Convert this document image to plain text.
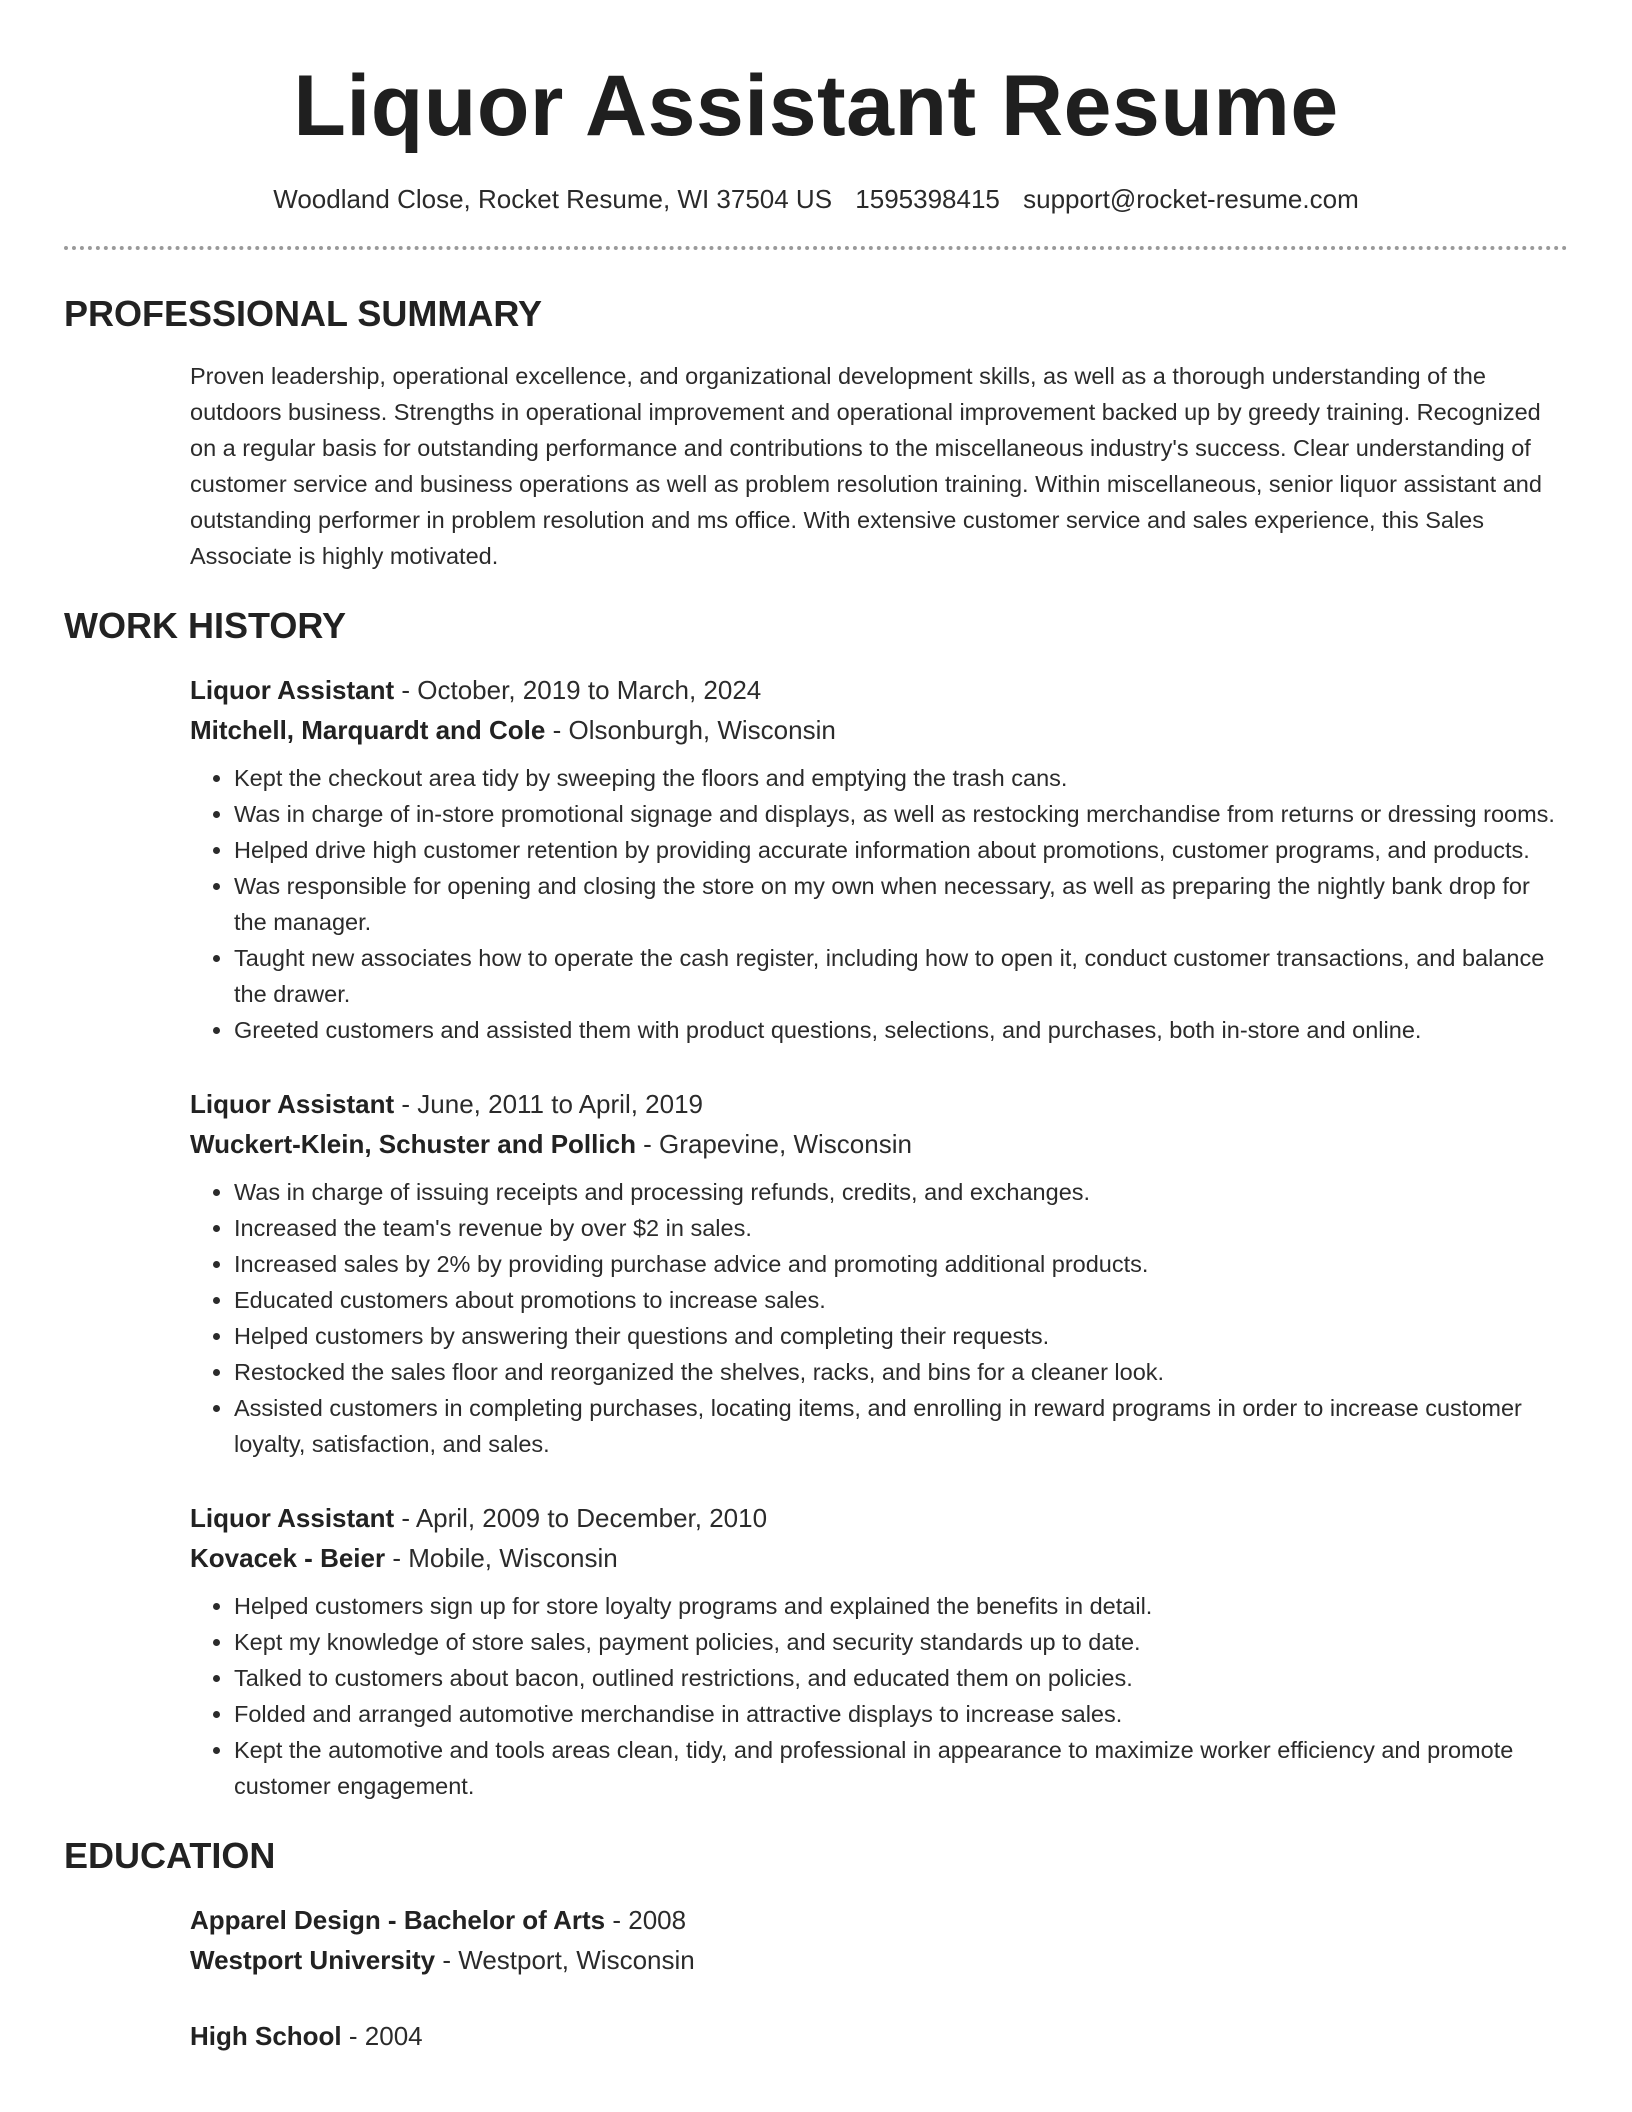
Liquor Assistant Resume
Woodland Close, Rocket Resume, WI 37504 US 1595398415 support@rocket-resume.com
PROFESSIONAL SUMMARY

Proven leadership, operational excellence, and organizational development skills, as well as a thorough understanding of the outdoors business. Strengths in operational improvement and operational improvement backed up by greedy training. Recognized on a regular basis for outstanding performance and contributions to the miscellaneous industry's success. Clear understanding of customer service and business operations as well as problem resolution training. Within miscellaneous, senior liquor assistant and outstanding performer in problem resolution and ms office. With extensive customer service and sales experience, this Sales Associate is highly motivated.

WORK HISTORY
Liquor Assistant - October, 2019 to March, 2024
Mitchell, Marquardt and Cole - Olsonburgh, Wisconsin
• Kept the checkout area tidy by sweeping the floors and emptying the trash cans.
• Was in charge of in-store promotional signage and displays, as well as restocking merchandise from returns or dressing rooms.
• Helped drive high customer retention by providing accurate information about promotions, customer programs, and products.
• Was responsible for opening and closing the store on my own when necessary, as well as preparing the nightly bank drop for the manager.
• Taught new associates how to operate the cash register, including how to open it, conduct customer transactions, and balance the drawer.
• Greeted customers and assisted them with product questions, selections, and purchases, both in-store and online.
Liquor Assistant - June, 2011 to April, 2019
Wuckert-Klein, Schuster and Pollich - Grapevine, Wisconsin
• Was in charge of issuing receipts and processing refunds, credits, and exchanges.
• Increased the team's revenue by over $2 in sales.
• Increased sales by 2% by providing purchase advice and promoting additional products.
• Educated customers about promotions to increase sales.
• Helped customers by answering their questions and completing their requests.
• Restocked the sales floor and reorganized the shelves, racks, and bins for a cleaner look.
• Assisted customers in completing purchases, locating items, and enrolling in reward programs in order to increase customer loyalty, satisfaction, and sales.
Liquor Assistant - April, 2009 to December, 2010
Kovacek - Beier - Mobile, Wisconsin
• Helped customers sign up for store loyalty programs and explained the benefits in detail.
• Kept my knowledge of store sales, payment policies, and security standards up to date.
• Talked to customers about bacon, outlined restrictions, and educated them on policies.
• Folded and arranged automotive merchandise in attractive displays to increase sales.
• Kept the automotive and tools areas clean, tidy, and professional in appearance to maximize worker efficiency and promote customer engagement.
EDUCATION
Apparel Design - Bachelor of Arts - 2008
Westport University - Westport, Wisconsin
High School - 2004
